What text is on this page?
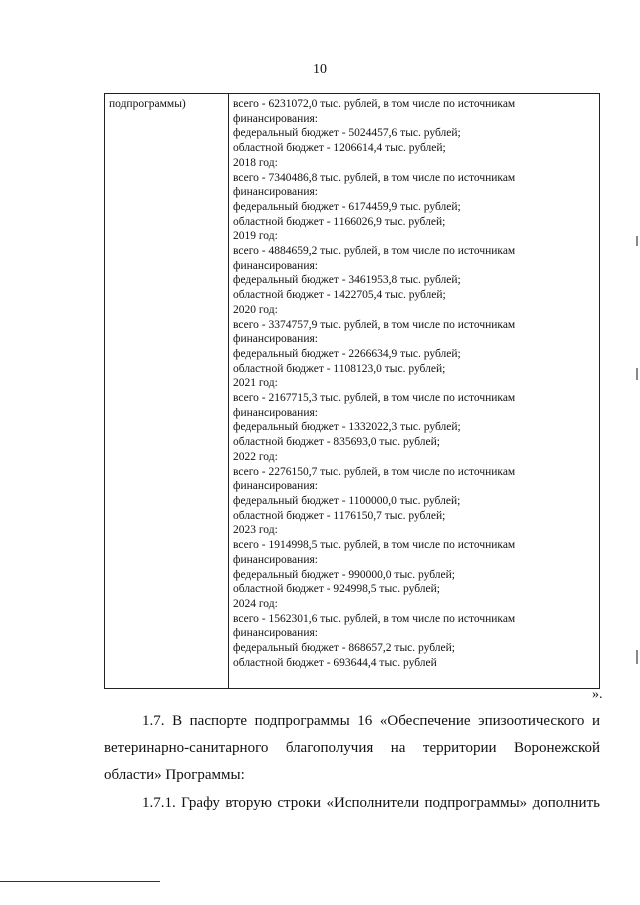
10
подпрограммы)	всего - 6231072,0 тыс. рублей, в том числе по источникам
финансирования:
федеральный бюджет - 5024457,6 тыс. рублей;
областной бюджет - 1206614,4 тыс. рублей;
2018 год:
всего - 7340486,8 тыс. рублей, в том числе по источникам
финансирования:
федеральный бюджет - 6174459,9 тыс. рублей;
областной бюджет - 1166026,9 тыс. рублей;
2019 год:
всего - 4884659,2 тыс. рублей, в том числе по источникам
финансирования:
федеральный бюджет - 3461953,8 тыс. рублей;
областной бюджет - 1422705,4 тыс. рублей;
2020 год:
всего - 3374757,9 тыс. рублей, в том числе по источникам
финансирования:
федеральный бюджет - 2266634,9 тыс. рублей;
областной бюджет - 1108123,0 тыс. рублей;
2021 год:
всего - 2167715,3 тыс. рублей, в том числе по источникам
финансирования:
федеральный бюджет - 1332022,3 тыс. рублей;
областной бюджет - 835693,0 тыс. рублей;
2022 год:
всего - 2276150,7 тыс. рублей, в том числе по источникам
финансирования:
федеральный бюджет - 1100000,0 тыс. рублей;
областной бюджет - 1176150,7 тыс. рублей;
2023 год:
всего - 1914998,5 тыс. рублей, в том числе по источникам
финансирования:
федеральный бюджет - 990000,0 тыс. рублей;
областной бюджет - 924998,5 тыс. рублей;
2024 год:
всего - 1562301,6 тыс. рублей, в том числе по источникам
финансирования:
федеральный бюджет - 868657,2 тыс. рублей;
областной бюджет - 693644,4 тыс. рублей
».
1.7. В паспорте подпрограммы 16 «Обеспечение эпизоотического и
ветеринарно-санитарного благополучия на территории Воронежской
области» Программы:
1.7.1. Графу вторую строки «Исполнители подпрограммы» дополнить
